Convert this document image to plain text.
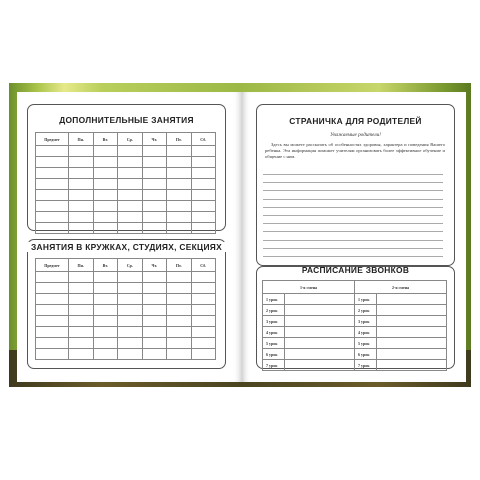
ДОПОЛНИТЕЛЬНЫЕ ЗАНЯТИЯ
Предмет	Пн.	Вт.	Ср.	Чт.	Пт.	Сб.

ЗАНЯТИЯ В КРУЖКАХ, СТУДИЯХ, СЕКЦИЯХ
Предмет	Пн.	Вт.	Ср.	Чт.	Пт.	Сб.

СТРАНИЧКА ДЛЯ РОДИТЕЛЕЙ
Уважаемые родители!
Здесь вы можете рассказать об особенностях здоровья, характера и поведения Вашего ребенка. Эта информация поможет учителям организовать более эффективное обучение и общение с ним.
РАСПИСАНИЕ ЗВОНКОВ
1-я смена		2-я смена	
1 урок		1 урок	
2 урок		2 урок	
3 урок		3 урок	
4 урок		4 урок	
5 урок		5 урок	
6 урок		6 урок	
7 урок		7 урок	
